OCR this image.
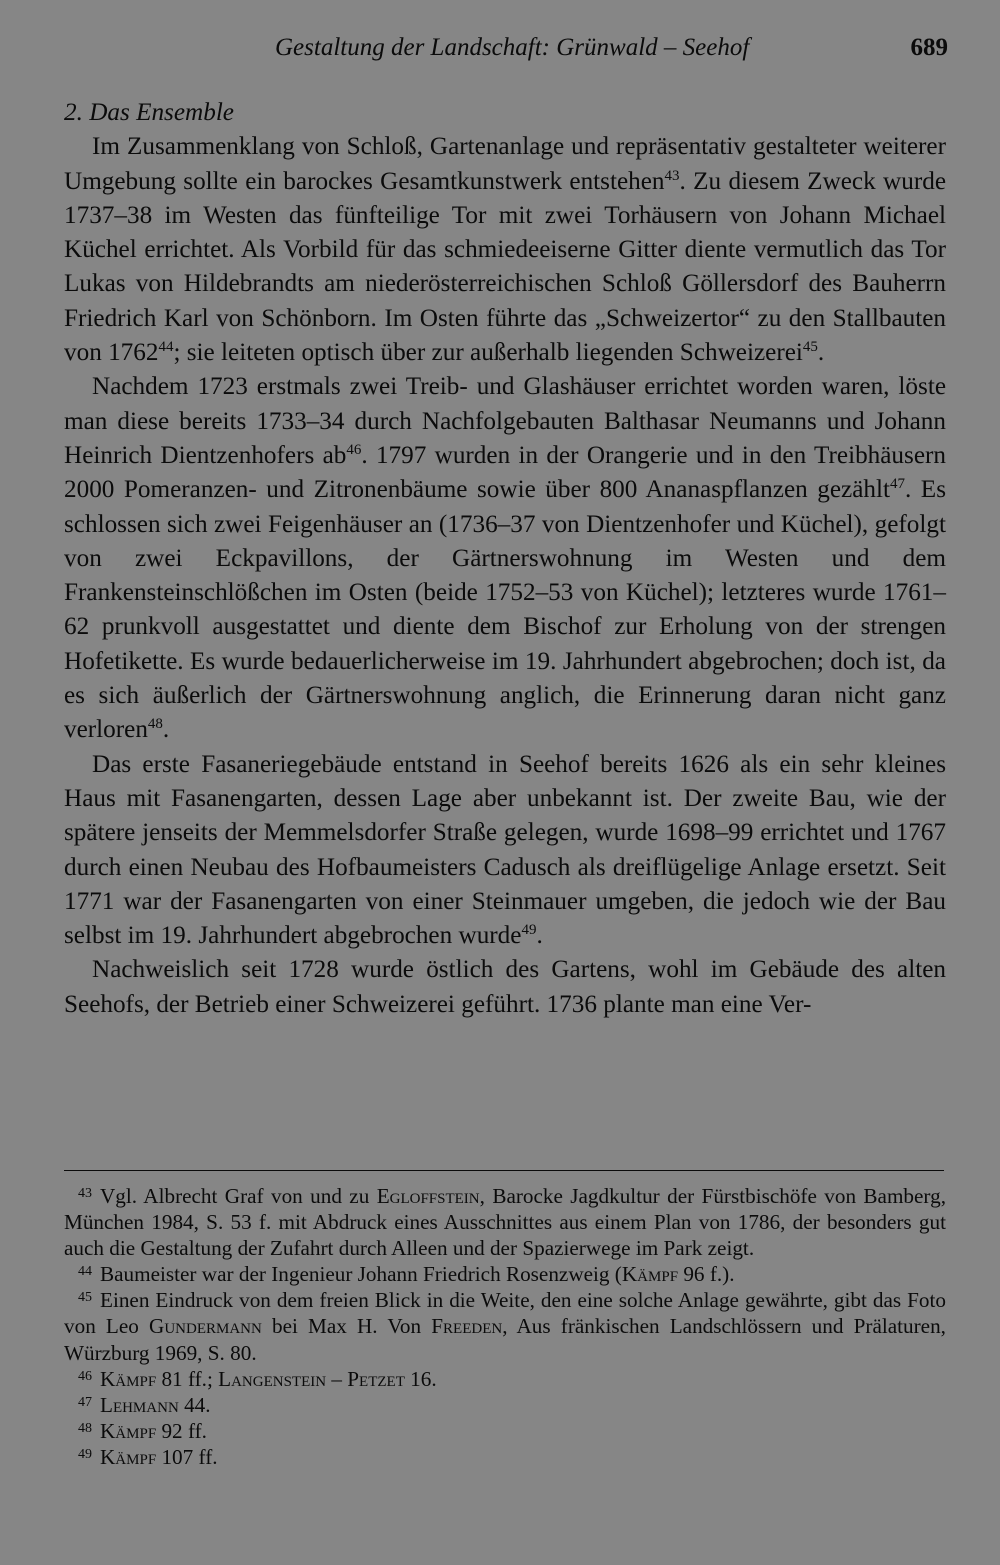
Gestaltung der Landschaft: Grünwald – Seehof	689
2. Das Ensemble

Im Zusammenklang von Schloß, Gartenanlage und repräsentativ gestalteter weiterer Umgebung sollte ein barockes Gesamtkunstwerk entstehen$^{43}$. Zu diesem Zweck wurde 1737–38 im Westen das fünfteilige Tor mit zwei Torhäusern von Johann Michael Küchel errichtet. Als Vorbild für das schmiedeeiserne Gitter diente vermutlich das Tor Lukas von Hildebrandts am niederösterreichischen Schloß Göllersdorf des Bauherrn Friedrich Karl von Schönborn. Im Osten führte das „Schweizertor“ zu den Stallbauten von 1762$^{44}$; sie leiteten optisch über zur außerhalb liegenden Schweizerei$^{45}$.

Nachdem 1723 erstmals zwei Treib- und Glashäuser errichtet worden waren, löste man diese bereits 1733–34 durch Nachfolgebauten Balthasar Neumanns und Johann Heinrich Dientzenhofers $ab^{46}$. 1797 wurden in der Orangerie und in den Treibhäusern 2000 Pomeranzen- und Zitronenbäume sowie über 800 Ananaspflanzen gezählt$^{47}$. Es schlossen sich zwei Feigenhäuser an (1736–37 von Dientzenhofer und Küchel), gefolgt von zwei Eckpavillons, der Gärtnerswohnung im Westen und dem Frankensteinschlößchen im Osten (beide 1752–53 von Küchel); letzteres wurde 1761–62 prunkvoll ausgestattet und diente dem Bischof zur Erholung von der strengen Hofetikette. Es wurde bedauerlicherweise im 19. Jahrhundert abgebrochen; doch ist, da es sich äußerlich der Gärtnerswohnung anglich, die Erinnerung daran nicht ganz verloren$^{48}$.

Das erste Fasaneriegebäude entstand in Seehof bereits 1626 als ein sehr kleines Haus mit Fasanengarten, dessen Lage aber unbekannt ist. Der zweite Bau, wie der spätere jenseits der Memmelsdorfer Straße gelegen, wurde 1698–99 errichtet und 1767 durch einen Neubau des Hofbaumeisters Cadusch als dreiflügelige Anlage ersetzt. Seit 1771 war der Fasanengarten von einer Steinmauer umgeben, die jedoch wie der Bau selbst im 19. Jahrhundert abgebrochen wurde$^{49}$.

Nachweislich seit 1728 wurde östlich des Gartens, wohl im Gebäude des alten Seehofs, der Betrieb einer Schweizerei geführt. 1736 plante man eine Ver-

$^{43}$ Vgl. Albrecht Graf von und zu Egloffstein, Barocke Jagdkultur der Fürstbischöfe von Bamberg, München 1984, S. 53 f. mit Abdruck eines Ausschnittes aus einem Plan von 1786, der besonders gut auch die Gestaltung der Zufahrt durch Alleen und der Spazierwege im Park zeigt.
$^{44}$ Baumeister war der Ingenieur Johann Friedrich Rosenzweig (Kämpf 96 f.).
$^{45}$ Einen Eindruck von dem freien Blick in die Weite, den eine solche Anlage gewährte, gibt das Foto von Leo Gundermann bei Max H. Von Freeden, Aus fränkischen Landschlössern und Prälaturen, Würzburg 1969, S. 80.
$^{46}$ Kämpf 81 ff.; Langenstein – Petzet 16.
$^{47}$ Lehmann 44.
$^{48}$ Kämpf 92 ff.
$^{49}$ Kämpf 107 ff.
